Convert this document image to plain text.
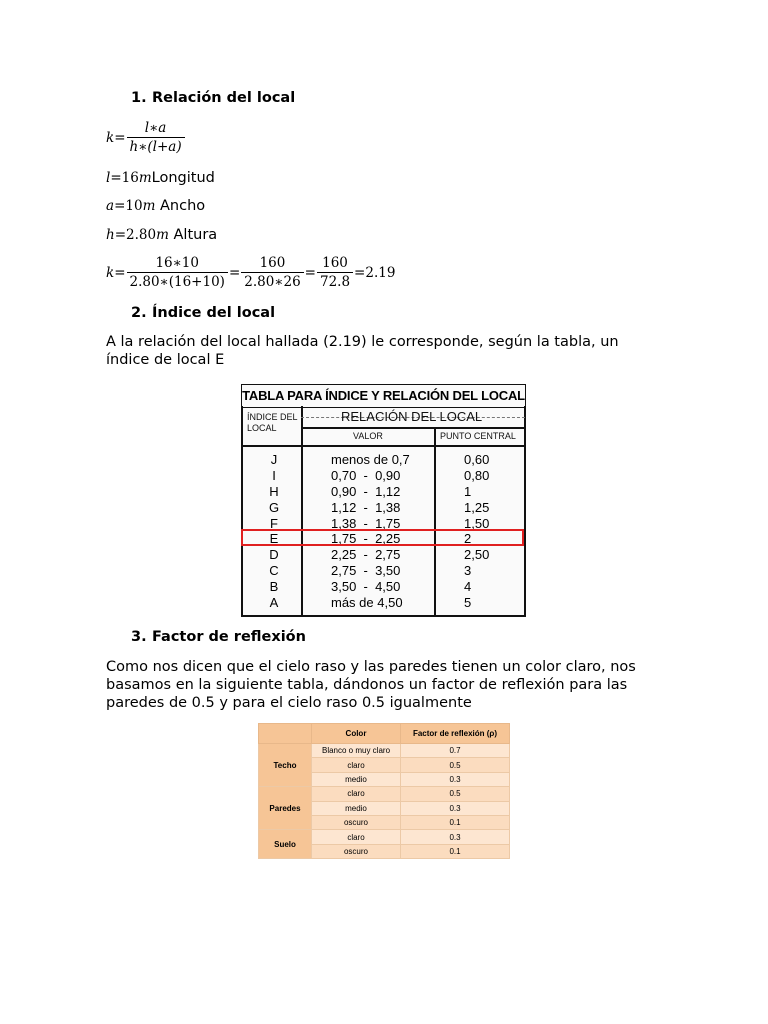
1. Relación del local
$k = \frac{l∗a}{h∗(l+a)}$
l=16mLongitud
a=10m Ancho
h=2.80m Altura
$k = \frac{16∗10}{2.80∗(16+10)} = \frac{160}{2.80∗26} = \frac{160}{72.8} =2.19$
2. Índice del local
A la relación del local hallada (2.19) le corresponde, según la tabla, un índice de local E
TABLA PARA ÍNDICE Y RELACIÓN DEL LOCAL
ÍNDICE DEL
LOCAL
RELACIÓN DEL LOCAL
VALOR	PUNTO CENTRAL
J	menos de 0,7	0,60
I	0,70  -  0,90	0,80
H	0,90  -  1,12	1
G	1,12  -  1,38	1,25
F	1,38  -  1,75	1,50
E	1,75  -  2,25	2
D	2,25  -  2,75	2,50
C	2,75  -  3,50	3
B	3,50  -  4,50	4
A	más de 4,50	5
3. Factor de reflexión
Como nos dicen que el cielo raso y las paredes tienen un color claro, nos basamos en la siguiente tabla, dándonos un factor de reflexión para las paredes de 0.5 y para el cielo raso 0.5 igualmente
	Color	Factor de reflexión (ρ)
Techo	Blanco o muy claro	0.7
	claro	0.5
	medio	0.3
Paredes	claro	0.5
	medio	0.3
	oscuro	0.1
Suelo	claro	0.3
	oscuro	0.1
